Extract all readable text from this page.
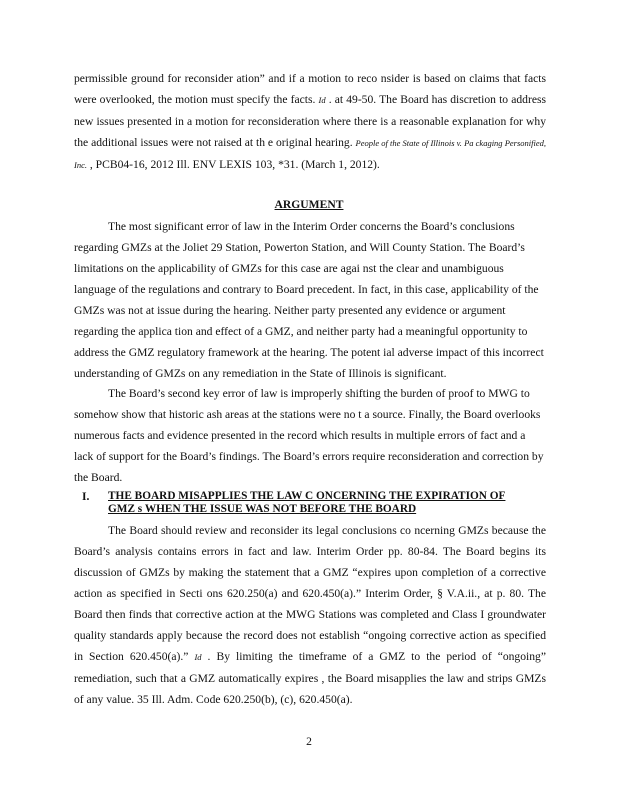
permissible ground for reconsider ation” and if a motion to reco nsider is based on claims that facts were overlooked, the motion must specify the facts. Id . at 49-50. The Board has discretion to address new issues presented in a motion for reconsideration where there is a reasonable explanation for why the additional issues were not raised at th e original hearing. People of the State of Illinois v. Pa ckaging Personified, Inc. , PCB04-16, 2012 Ill. ENV LEXIS 103, *31. (March 1, 2012).

ARGUMENT

The most significant error of law in the Interim Order concerns the Board’s conclusions regarding GMZs at the Joliet 29 Station, Powerton Station, and Will County Station. The Board’s limitations on the applicability of GMZs for this case are agai nst the clear and unambiguous language of the regulations and contrary to Board precedent. In fact, in this case, applicability of the GMZs was not at issue during the hearing. Neither party presented any evidence or argument regarding the applica tion and effect of a GMZ, and neither party had a meaningful opportunity to address the GMZ regulatory framework at the hearing. The potent ial adverse impact of this incorrect understanding of GMZs on any remediation in the State of Illinois is significant.

The Board’s second key error of law is improperly shifting the burden of proof to MWG to somehow show that historic ash areas at the stations were no t a source. Finally, the Board overlooks numerous facts and evidence presented in the record which results in multiple errors of fact and a lack of support for the Board’s findings. The Board’s errors require reconsideration and correction by the Board.

I. THE BOARD MISAPPLIES THE LAW C ONCERNING THE EXPIRATION OF
GMZ s WHEN THE ISSUE WAS NOT BEFORE THE BOARD

The Board should review and reconsider its legal conclusions co ncerning GMZs because the Board’s analysis contains errors in fact and law. Interim Order pp. 80-84. The Board begins its discussion of GMZs by making the statement that a GMZ “expires upon completion of a corrective action as specified in Secti ons 620.250(a) and 620.450(a).” Interim Order, § V.A.ii., at p. 80. The Board then finds that corrective action at the MWG Stations was completed and Class I groundwater quality standards apply because the record does not establish “ongoing corrective action as specified in Section 620.450(a).” Id . By limiting the timeframe of a GMZ to the period of “ongoing” remediation, such that a GMZ automatically expires , the Board misapplies the law and strips GMZs of any value. 35 Ill. Adm. Code 620.250(b), (c), 620.450(a).

2
